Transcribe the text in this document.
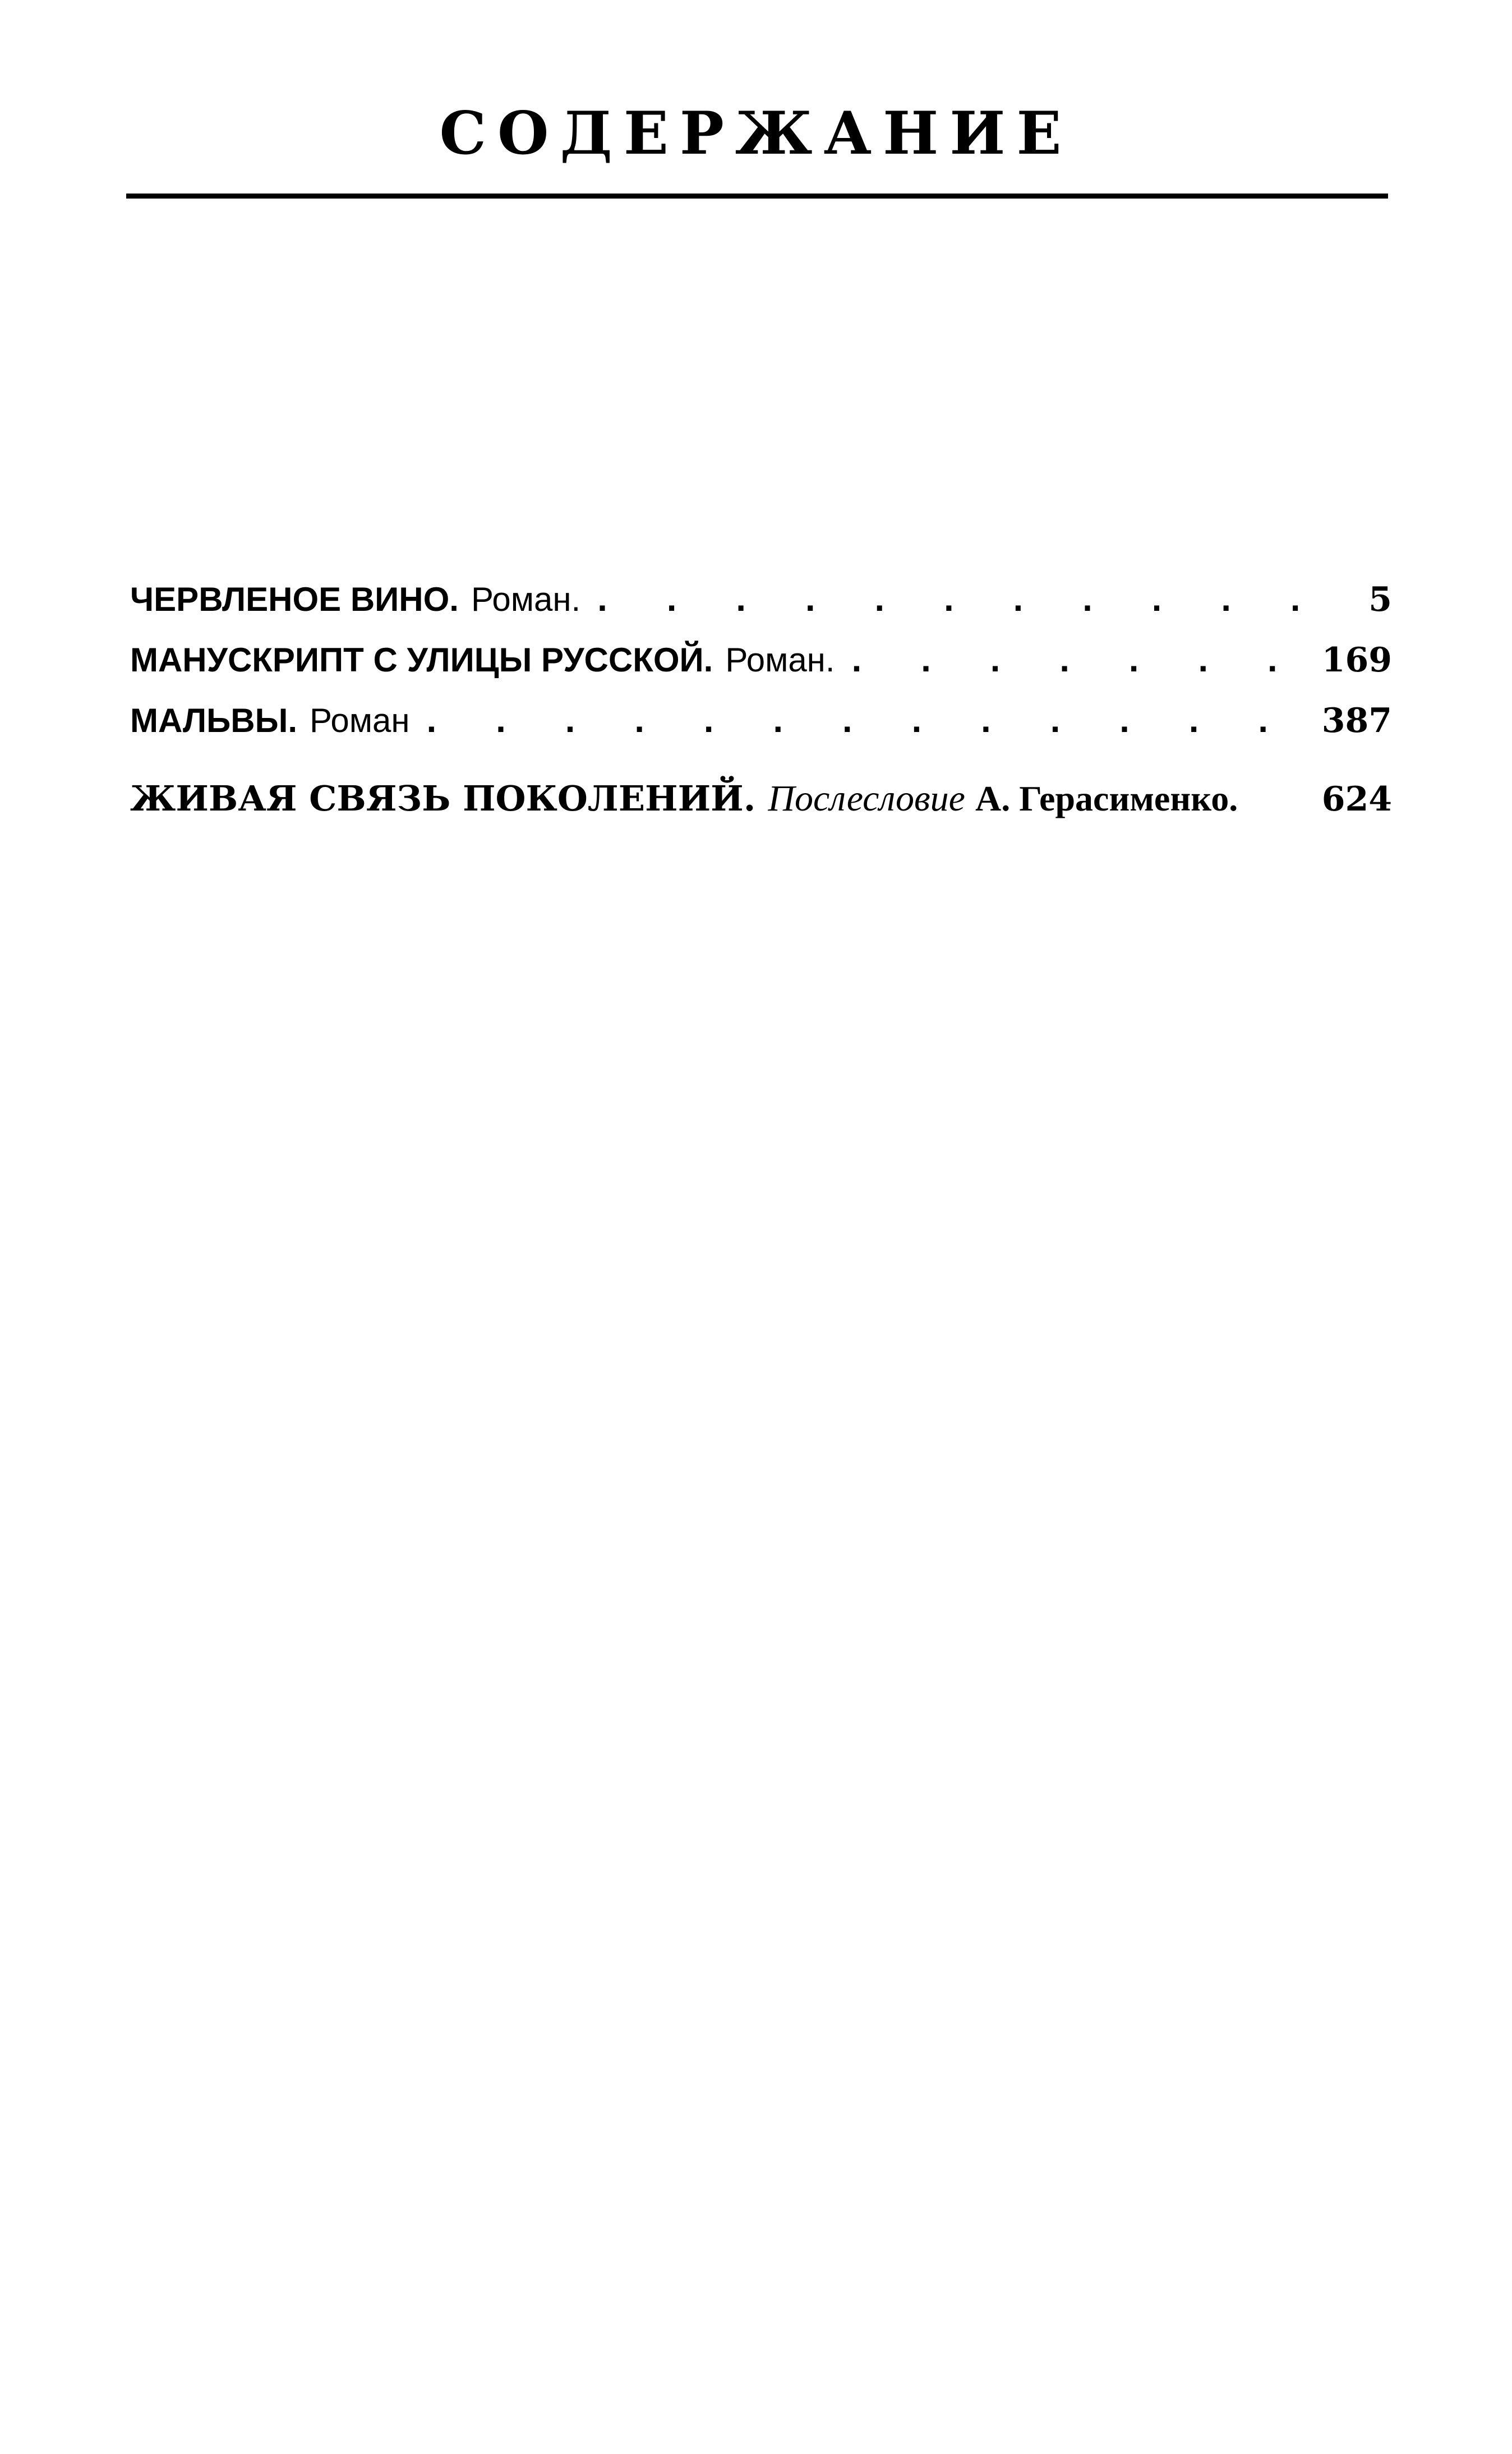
СОДЕРЖАНИЕ
ЧЕРВЛЕНОЕ ВИНО. Роман. . . .	5
МАНУСКРИПТ С УЛИЦЫ РУССКОЙ. Роман. . . .	169
МАЛЬВЫ. Роман . . .	387
ЖИВАЯ СВЯЗЬ ПОКОЛЕНИЙ. Послесловие А. Герасименко. 624
